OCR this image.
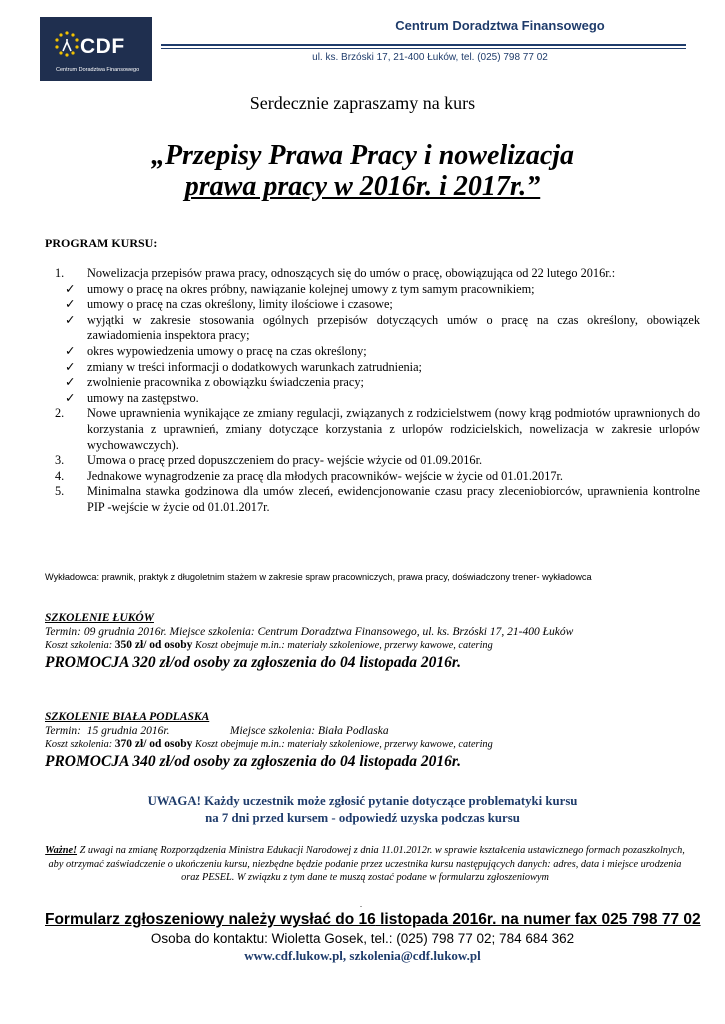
CDF
Centrum Doradztwa Finansowego
Centrum Doradztwa Finansowego
ul. ks. Brzóski 17, 21-400 Łuków, tel. (025) 798 77 02
Serdecznie zapraszamy na kurs
„Przepisy Prawa Pracy i nowelizacja
prawa pracy w 2016r. i 2017r.”
PROGRAM KURSU:
1.	Nowelizacja przepisów prawa pracy, odnoszących się do umów o pracę, obowiązująca od 22 lutego 2016r.:
✓ umowy o pracę na okres próbny, nawiązanie kolejnej umowy z tym samym pracownikiem;
✓ umowy o pracę na czas określony, limity ilościowe i czasowe;
✓ wyjątki w zakresie stosowania ogólnych przepisów dotyczących umów o pracę na czas określony, obowiązek zawiadomienia inspektora pracy;
✓ okres wypowiedzenia umowy o pracę na czas określony;
✓ zmiany w treści informacji o dodatkowych warunkach zatrudnienia;
✓ zwolnienie pracownika z obowiązku świadczenia pracy;
✓ umowy na zastępstwo.
2.	Nowe uprawnienia wynikające ze zmiany regulacji, związanych z rodzicielstwem (nowy krąg podmiotów uprawnionych do korzystania z uprawnień, zmiany dotyczące korzystania z urlopów rodzicielskich, nowelizacja w zakresie urlopów wychowawczych).
3.	Umowa o pracę przed dopuszczeniem do pracy- wejście wżycie od 01.09.2016r.
4.	Jednakowe wynagrodzenie za pracę dla młodych pracowników- wejście w życie od 01.01.2017r.
5.	Minimalna stawka godzinowa dla umów zleceń, ewidencjonowanie czasu pracy zleceniobiorców, uprawnienia kontrolne PIP -wejście w życie od 01.01.2017r.
Wykładowca: prawnik, praktyk z długoletnim stażem w zakresie spraw pracowniczych, prawa pracy, doświadczony trener- wykładowca
SZKOLENIE ŁUKÓW
Termin: 09 grudnia 2016r. Miejsce szkolenia: Centrum Doradztwa Finansowego, ul. ks. Brzóski 17, 21-400 Łuków
Koszt szkolenia: 350 zł/ od osoby Koszt obejmuje m.in.: materiały szkoleniowe, przerwy kawowe, catering
PROMOCJA 320 zł/od osoby za zgłoszenia do 04 listopada 2016r.
SZKOLENIE BIAŁA PODLASKA
Termin:  15 grudnia 2016r.                     Miejsce szkolenia: Biała Podlaska
Koszt szkolenia: 370 zł/ od osoby Koszt obejmuje m.in.: materiały szkoleniowe, przerwy kawowe, catering
PROMOCJA 340 zł/od osoby za zgłoszenia do 04 listopada 2016r.
UWAGA! Każdy uczestnik może zgłosić pytanie dotyczące problematyki kursu
na 7 dni przed kursem - odpowiedź uzyska podczas kursu
Ważne! Z uwagi na zmianę Rozporządzenia Ministra Edukacji Narodowej z dnia 11.01.2012r. w sprawie kształcenia ustawicznego formach pozaszkolnych, aby otrzymać zaświadczenie o ukończeniu kursu, niezbędne będzie podanie przez uczestnika kursu następujących danych: adres, data i miejsce urodzenia oraz PESEL. W związku z tym dane te muszą zostać podane w formularzu zgłoszeniowym
.
Formularz zgłoszeniowy należy wysłać do 16 listopada 2016r. na numer fax 025 798 77 02
Osoba do kontaktu: Wioletta Gosek, tel.: (025) 798 77 02; 784 684 362
www.cdf.lukow.pl, szkolenia@cdf.lukow.pl
